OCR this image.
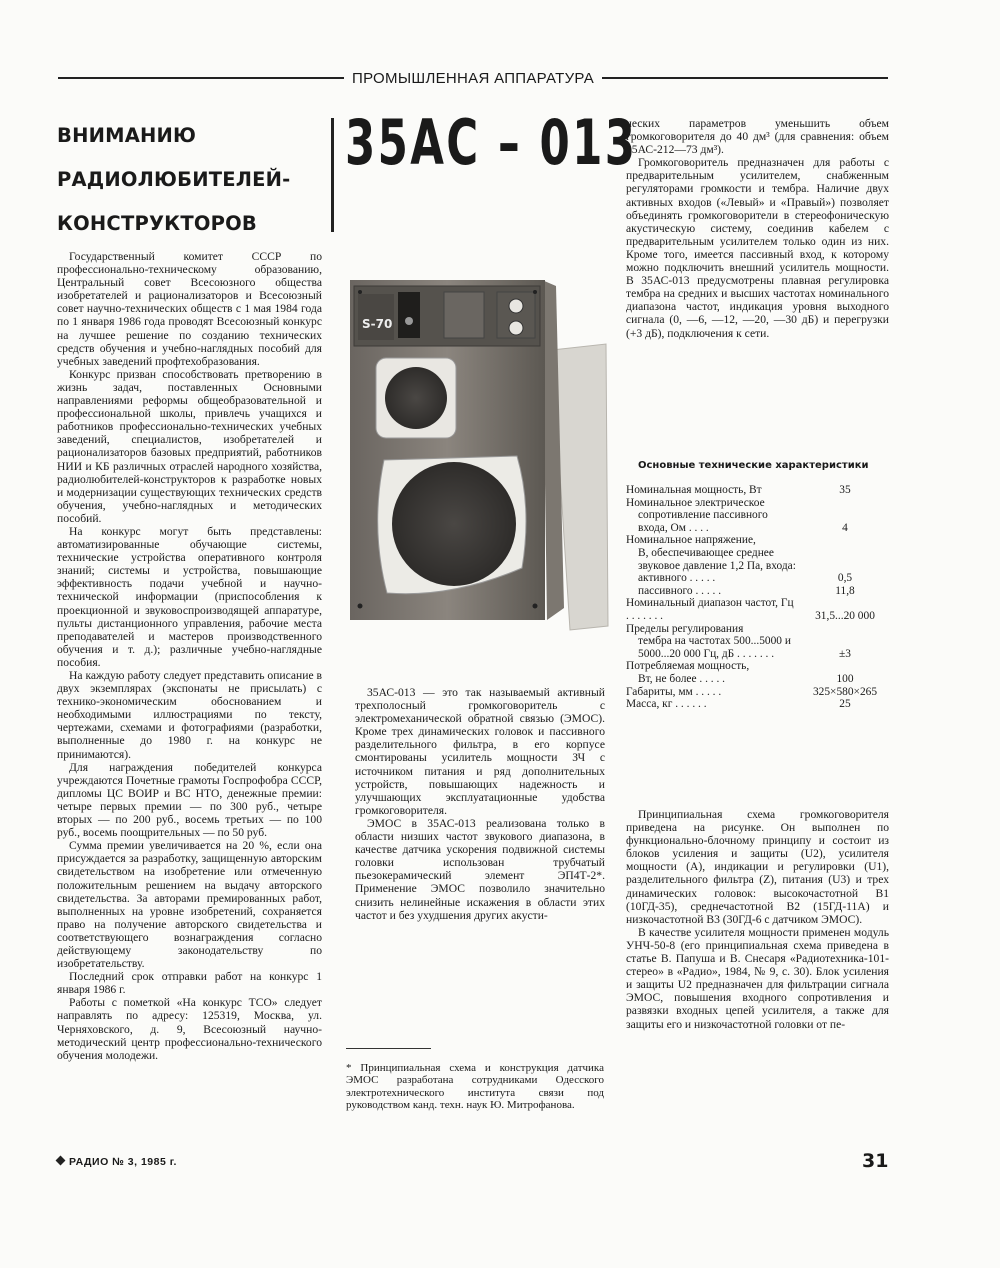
ПРОМЫШЛЕННАЯ АППАРАТУРА
ВНИМАНИЮ
РАДИОЛЮБИТЕЛЕЙ-
КОНСТРУКТОРОВ

Государственный комитет СССР по профессионально-техническому образованию, Центральный совет Всесоюзного общества изобретателей и рационализаторов и Всесоюзный совет научно-технических обществ с 1 мая 1984 года по 1 января 1986 года проводят Всесоюзный конкурс на лучшее решение по созданию технических средств обучения и учебно-наглядных пособий для учебных заведений профтехобразования.

Конкурс призван способствовать претворению в жизнь задач, поставленных Основными направлениями реформы общеобразовательной и профессиональной школы, привлечь учащихся и работников профессионально-технических учебных заведений, специалистов, изобретателей и рационализаторов базовых предприятий, работников НИИ и КБ различных отраслей народного хозяйства, радиолюбителей-конструкторов к разработке новых и модернизации существующих технических средств обучения, учебно-наглядных и методических пособий.

На конкурс могут быть представлены: автоматизированные обучающие системы, технические устройства оперативного контроля знаний; системы и устройства, повышающие эффективность подачи учебной и научно-технической информации (приспособления к проекционной и звуковоспроизводящей аппаратуре, пульты дистанционного управления, рабочие места преподавателей и мастеров производственного обучения и т. д.); различные учебно-наглядные пособия.

На каждую работу следует представить описание в двух экземплярах (экспонаты не присылать) с технико-экономическим обоснованием и необходимыми иллюстрациями по тексту, чертежами, схемами и фотографиями (разработки, выполненные до 1980 г. на конкурс не принимаются).

Для награждения победителей конкурса учреждаются Почетные грамоты Госпрофобра СССР, дипломы ЦС ВОИР и ВС НТО, денежные премии: четыре первых премии — по 300 руб., четыре вторых — по 200 руб., восемь третьих — по 100 руб., восемь поощрительных — по 50 руб.

Сумма премии увеличивается на 20 %, если она присуждается за разработку, защищенную авторским свидетельством на изобретение или отмеченную положительным решением на выдачу авторского свидетельства. За авторами премированных работ, выполненных на уровне изобретений, сохраняется право на получение авторского свидетельства и соответствующего вознаграждения согласно действующему законодательству по изобретательству.

Последний срок отправки работ на конкурс 1 января 1986 г.

Работы с пометкой «На конкурс ТСО» следует направлять по адресу: 125319, Москва, ул. Черняховского, д. 9, Всесоюзный научно-методический центр профессионально-технического обучения молодежи.

35АС – 013
S-70

35АС-013 — это так называемый активный трехполосный громкоговоритель с электромеханической обратной связью (ЭМОС). Кроме трех динамических головок и пассивного разделительного фильтра, в его корпусе смонтированы усилитель мощности ЗЧ с источником питания и ряд дополнительных устройств, повышающих надежность и улучшающих эксплуатационные удобства громкоговорителя.

ЭМОС в 35АС-013 реализована только в области низших частот звукового диапазона, в качестве датчика ускорения подвижной системы головки использован трубчатый пьезокерамический элемент ЭП4Т-2*. Применение ЭМОС позволило значительно снизить нелинейные искажения в области этих частот и без ухудшения других акусти-

* Принципиальная схема и конструкция датчика ЭМОС разработана сотрудниками Одесского электротехнического института связи под руководством канд. техн. наук Ю. Митрофанова.

ческих параметров уменьшить объем громкоговорителя до 40 дм³ (для сравнения: объем 35АС-212—73 дм³).

Громкоговоритель предназначен для работы с предварительным усилителем, снабженным регуляторами громкости и тембра. Наличие двух активных входов («Левый» и «Правый») позволяет объединять громкоговорители в стереофоническую акустическую систему, соединив кабелем с предварительным усилителем только один из них. Кроме того, имеется пассивный вход, к которому можно подключить внешний усилитель мощности. В 35АС-013 предусмотрены плавная регулировка тембра на средних и высших частотах номинального диапазона частот, индикация уровня выходного сигнала (0, —6, —12, —20, —30 дБ) и перегрузки (+3 дБ), подключения к сети.

Основные технические характеристики
Номинальная мощность, Вт	35
Номинальное электрическое
сопротивление пассивного входа, Ом . . . .	4
Номинальное напряжение,
В, обеспечивающее среднее звуковое давление 1,2 Па, входа:
активного . . . . .	0,5
пассивного . . . . .	11,8
Номинальный диапазон частот, Гц . . . . . . .	31,5...20 000
Пределы регулирования
тембра на частотах 500...5000 и 5000...20 000 Гц, дБ . . . . . . .	±3
Потребляемая мощность,
Вт, не более . . . . .	100
Габариты, мм . . . . .	325×580×265
Масса, кг . . . . . .	25

Принципиальная схема громкоговорителя приведена на рисунке. Он выполнен по функционально-блочному принципу и состоит из блоков усиления и защиты (U2), усилителя мощности (A), индикации и регулировки (U1), разделительного фильтра (Z), питания (U3) и трех динамических головок: высокочастотной B1 (10ГД-35), среднечастотной B2 (15ГД-11А) и низкочастотной B3 (30ГД-6 с датчиком ЭМОС).

В качестве усилителя мощности применен модуль УНЧ-50-8 (его принципиальная схема приведена в статье В. Папуша и В. Снесаря «Радиотехника-101-стерео» в «Радио», 1984, № 9, с. 30). Блок усиления и защиты U2 предназначен для фильтрации сигнала ЭМОС, повышения входного сопротивления и развязки входных цепей усилителя, а также для защиты его и низкочастотной головки от пе-

РАДИО № 3, 1985 г.	31
